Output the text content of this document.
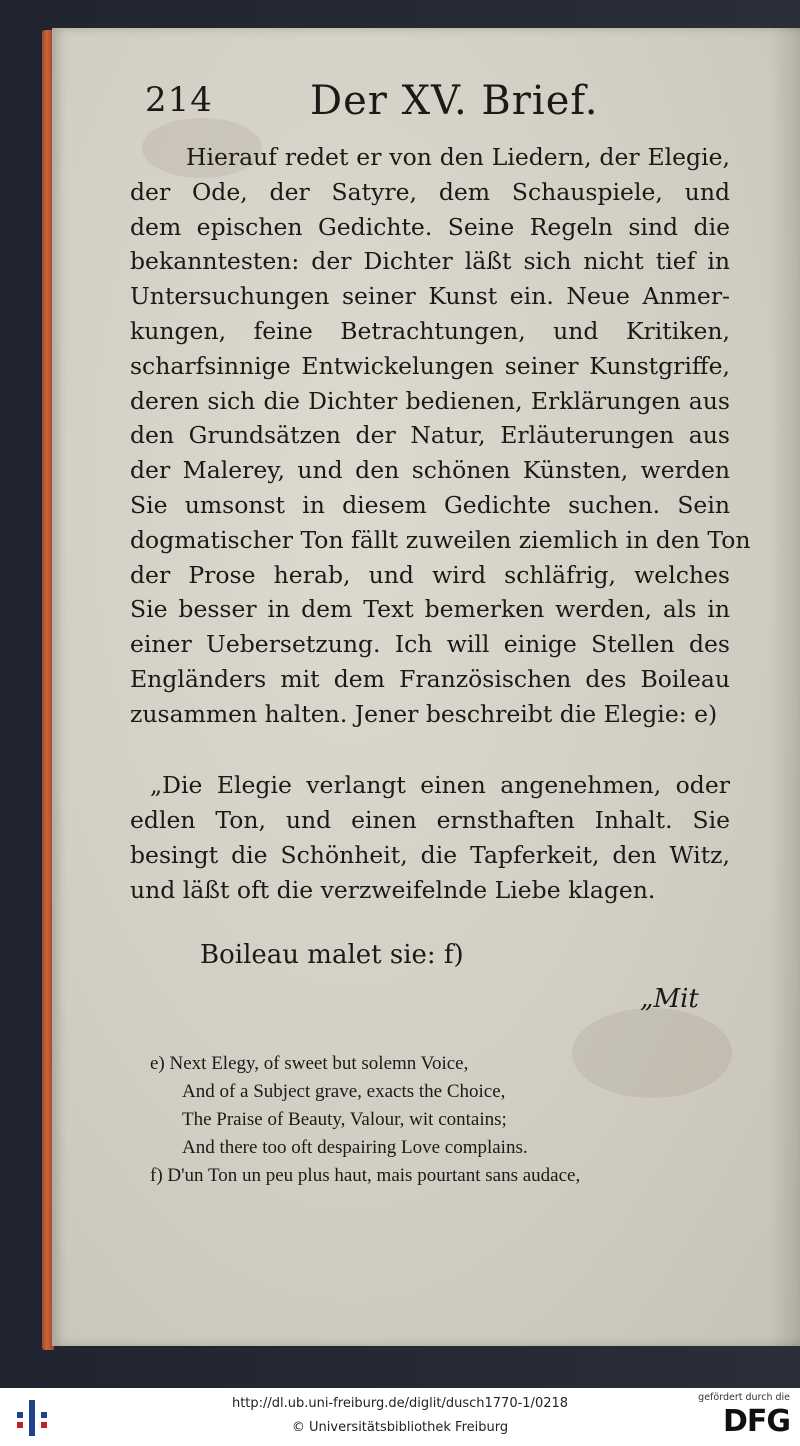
214 Der XV. Brief.
Hierauf redet er von den Liedern, der Elegie,
der Ode, der Satyre, dem Schauspiele, und
dem epischen Gedichte. Seine Regeln sind die
bekanntesten: der Dichter läßt sich nicht tief in
Untersuchungen seiner Kunst ein. Neue Anmer-
kungen, feine Betrachtungen, und Kritiken,
scharfsinnige Entwickelungen seiner Kunstgriffe,
deren sich die Dichter bedienen, Erklärungen aus
den Grundsätzen der Natur, Erläuterungen aus
der Malerey, und den schönen Künsten, werden
Sie umsonst in diesem Gedichte suchen. Sein
dogmatischer Ton fällt zuweilen ziemlich in den Ton
der Prose herab, und wird schläfrig, welches
Sie besser in dem Text bemerken werden, als in
einer Uebersetzung. Ich will einige Stellen des
Engländers mit dem Französischen des Boileau
zusammen halten. Jener beschreibt die Elegie: e)
„Die Elegie verlangt einen angenehmen, oder
edlen Ton, und einen ernsthaften Inhalt. Sie
besingt die Schönheit, die Tapferkeit, den Witz,
und läßt oft die verzweifelnde Liebe klagen.
Boileau malet sie: f)
„Mit
e) Next Elegy, of sweet but solemn Voice,
And of a Subject grave, exacts the Choice,
The Praise of Beauty, Valour, wit contains;
And there too oft despairing Love complains.
f) D'un Ton un peu plus haut, mais pourtant sans audace,
http://dl.ub.uni-freiburg.de/diglit/dusch1770-1/0218
© Universitätsbibliothek Freiburg
gefördert durch die
DFG
